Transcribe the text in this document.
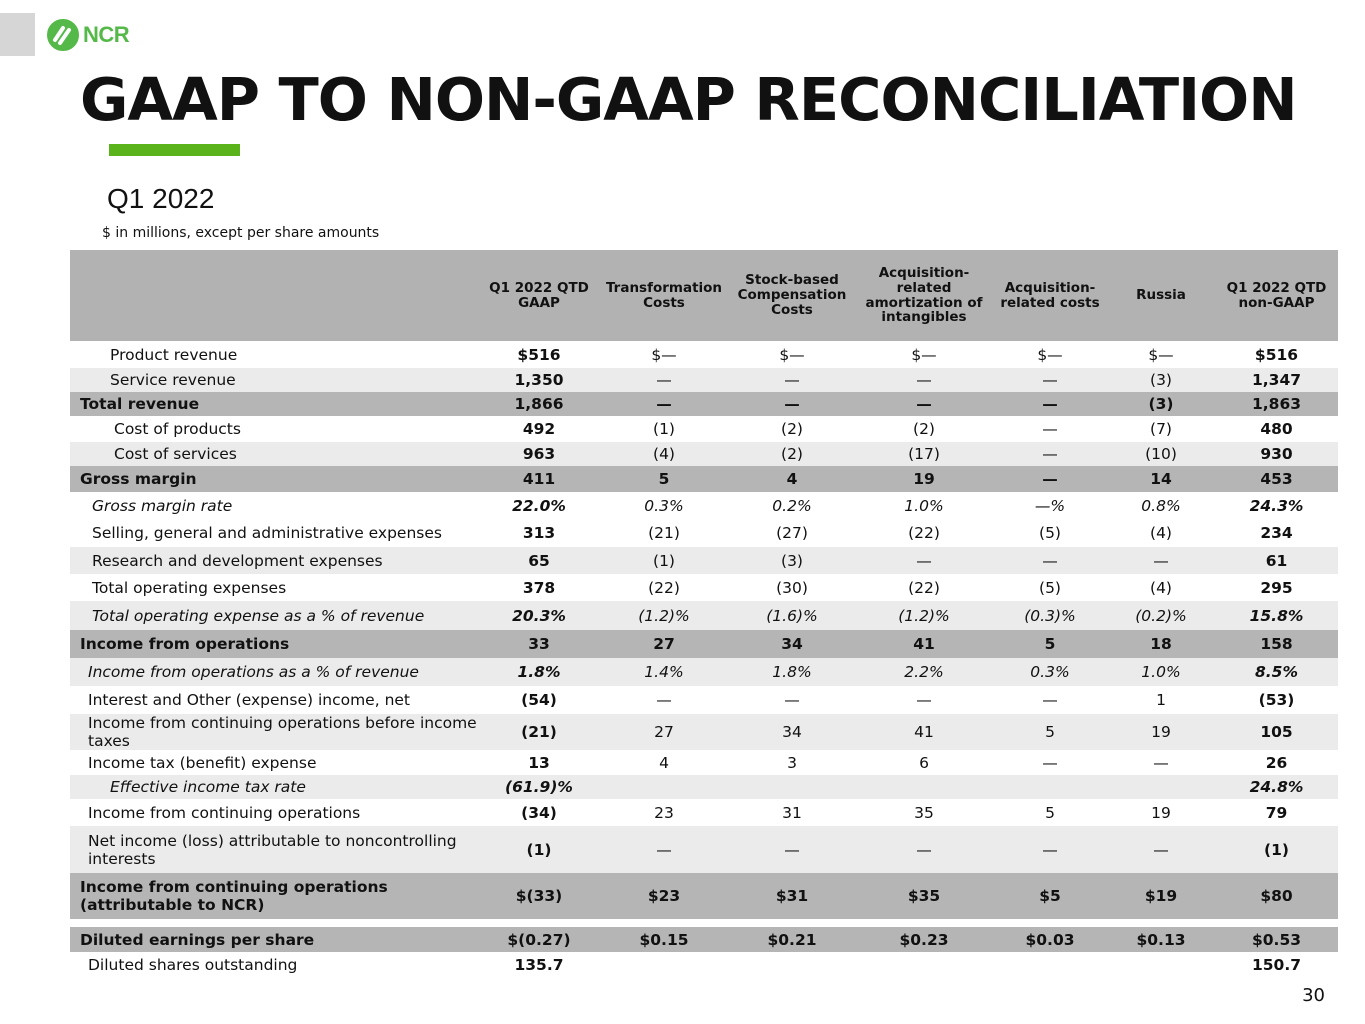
NCR
GAAP TO NON-GAAP RECONCILIATION
Q1 2022
$ in millions, except per share amounts
	Q1 2022 QTD GAAP	Transformation Costs	Stock-based Compensation Costs	Acquisition-related amortization of intangibles	Acquisition-related costs	Russia	Q1 2022 QTD non-GAAP
Product revenue	$516	$—	$—	$—	$—	$—	$516
Service revenue	1,350	—	—	—	—	(3)	1,347
Total revenue	1,866	—	—	—	—	(3)	1,863
Cost of products	492	(1)	(2)	(2)	—	(7)	480
Cost of services	963	(4)	(2)	(17)	—	(10)	930
Gross margin	411	5	4	19	—	14	453
Gross margin rate	22.0%	0.3%	0.2%	1.0%	—%	0.8%	24.3%
Selling, general and administrative expenses	313	(21)	(27)	(22)	(5)	(4)	234
Research and development expenses	65	(1)	(3)	—	—	—	61
Total operating expenses	378	(22)	(30)	(22)	(5)	(4)	295
Total operating expense as a % of revenue	20.3%	(1.2)%	(1.6)%	(1.2)%	(0.3)%	(0.2)%	15.8%
Income from operations	33	27	34	41	5	18	158
Income from operations as a % of revenue	1.8%	1.4%	1.8%	2.2%	0.3%	1.0%	8.5%
Interest and Other (expense) income, net	(54)	—	—	—	—	1	(53)
Income from continuing operations before income taxes	(21)	27	34	41	5	19	105
Income tax (benefit) expense	13	4	3	6	—	—	26
Effective income tax rate	(61.9)%						24.8%
Income from continuing operations	(34)	23	31	35	5	19	79
Net income (loss) attributable to noncontrolling interests	(1)	—	—	—	—	—	(1)
Income from continuing operations (attributable to NCR)	$(33)	$23	$31	$35	$5	$19	$80

Diluted earnings per share	$(0.27)	$0.15	$0.21	$0.23	$0.03	$0.13	$0.53
Diluted shares outstanding	135.7						150.7
30
